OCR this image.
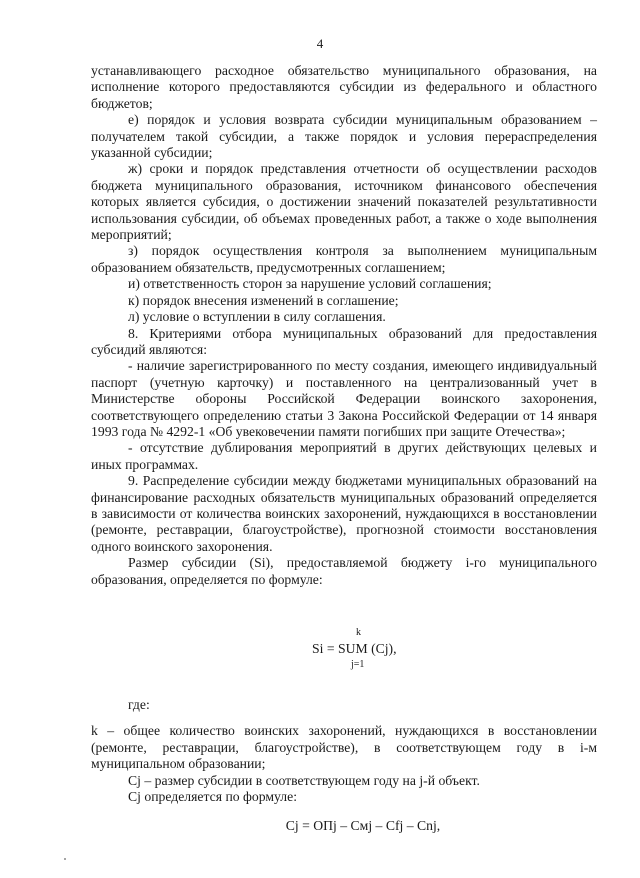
4

устанавливающего расходное обязательство муниципального образования, на исполнение которого предоставляются субсидии из федерального и областного бюджетов;

е) порядок и условия возврата субсидии муниципальным образованием – получателем такой субсидии, а также порядок и условия перераспределения указанной субсидии;

ж) сроки и порядок представления отчетности об осуществлении расходов бюджета муниципального образования, источником финансового обеспечения которых является субсидия, о достижении значений показателей результативности использования субсидии, об объемах проведенных работ, а также о ходе выполнения мероприятий;

з) порядок осуществления контроля за выполнением муниципальным образованием обязательств, предусмотренных соглашением;

и) ответственность сторон за нарушение условий соглашения;

к) порядок внесения изменений в соглашение;

л) условие о вступлении в силу соглашения.

8. Критериями отбора муниципальных образований для предоставления субсидий являются:

- наличие зарегистрированного по месту создания, имеющего индивидуальный паспорт (учетную карточку) и поставленного на централизованный учет в Министерстве обороны Российской Федерации воинского захоронения, соответствующего определению статьи 3 Закона Российской Федерации от 14 января 1993 года № 4292-1 «Об увековечении памяти погибших при защите Отечества»;

- отсутствие дублирования мероприятий в других действующих целевых и иных программах.

9. Распределение субсидии между бюджетами муниципальных образований на финансирование расходных обязательств муниципальных образований определяется в зависимости от количества воинских захоронений, нуждающихся в восстановлении (ремонте, реставрации, благоустройстве), прогнозной стоимости восстановления одного воинского захоронения.

Размер субсидии (Si), предоставляемой бюджету i-го муниципального образования, определяется по формуле:

k
Si = SUM (Cj),
j=1

где:

k – общее количество воинских захоронений, нуждающихся в восстановлении (ремонте, реставрации, благоустройстве), в соответствующем году в i-м муниципальном образовании;

Cj – размер субсидии в соответствующем году на j-й объект.

Cj определяется по формуле:

Cj = ОПj – Cмj – Cfj – Cnj,
